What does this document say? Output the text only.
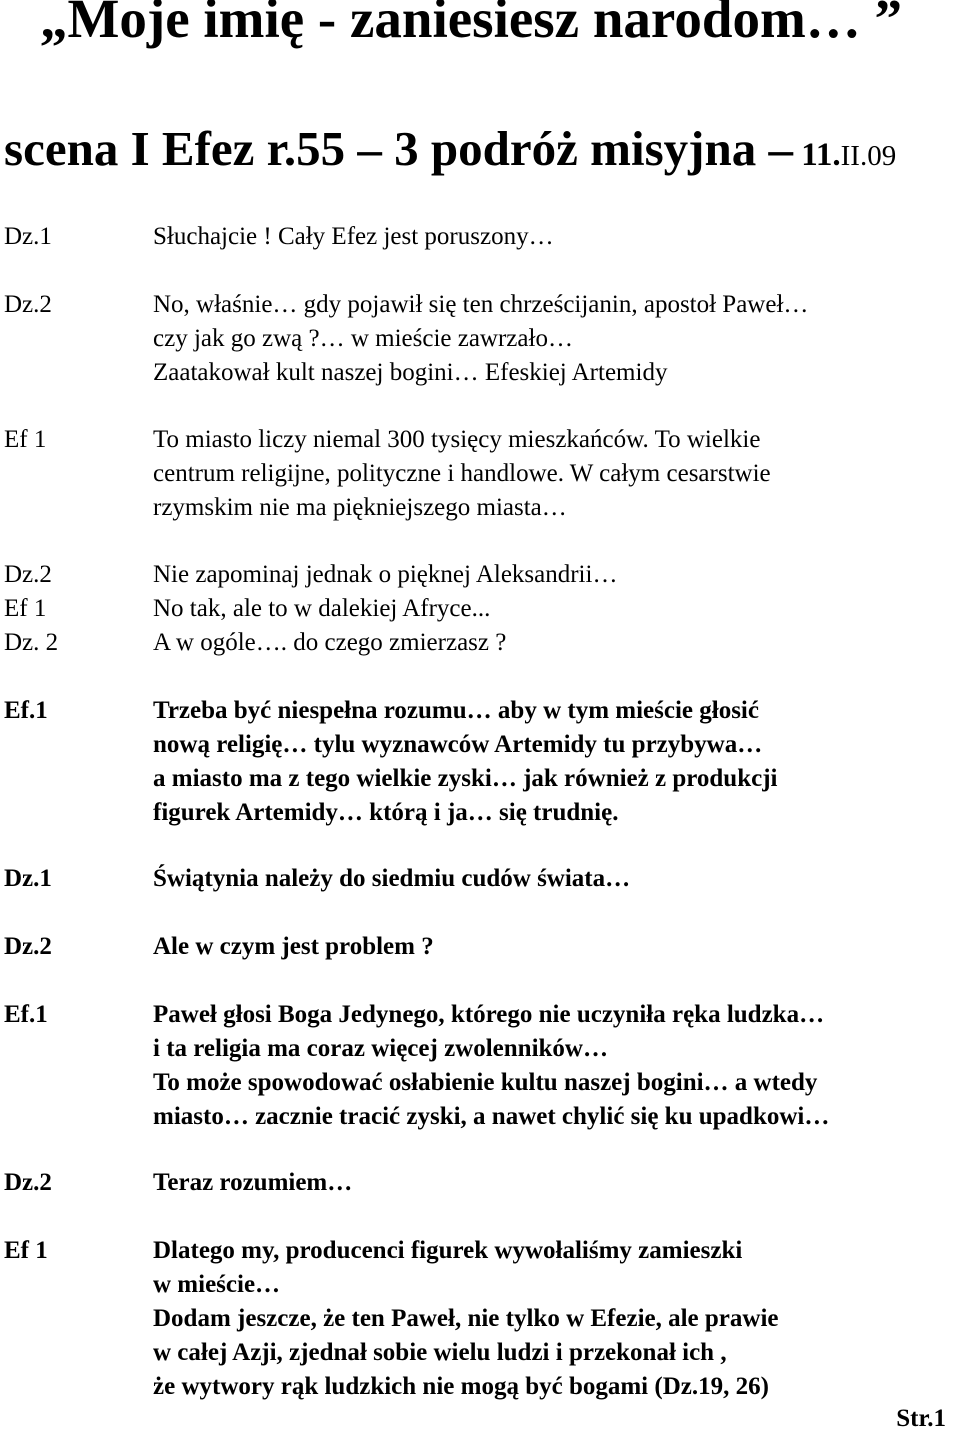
„Moje imię - zaniesiesz narodom… ”
scena I Efez r.55 – 3 podróż misyjna – 11.II.09
Dz.1	Słuchajcie ! Cały Efez jest poruszony…
Dz.2	No, właśnie… gdy pojawił się ten chrześcijanin, apostoł Paweł…
czy jak go zwą ?… w mieście zawrzało…
Zaatakował kult naszej bogini… Efeskiej Artemidy
Ef 1	To miasto liczy niemal 300 tysięcy mieszkańców. To wielkie
centrum religijne, polityczne i handlowe. W całym cesarstwie
rzymskim nie ma piękniejszego miasta…
Dz.2	Nie zapominaj jednak o pięknej Aleksandrii…
Ef 1	No tak, ale to w dalekiej Afryce...
Dz. 2	A w ogóle…. do czego zmierzasz ?
Ef.1	Trzeba być niespełna rozumu… aby w tym mieście głosić
nową religię… tylu wyznawców Artemidy tu przybywa…
a miasto ma z tego wielkie zyski… jak również z produkcji
figurek Artemidy… którą i ja… się trudnię.
Dz.1	Świątynia należy do siedmiu cudów świata…
Dz.2	Ale w czym jest problem ?
Ef.1	Paweł głosi Boga Jedynego, którego nie uczyniła ręka ludzka…
i ta religia ma coraz więcej zwolenników…
To może spowodować osłabienie kultu naszej bogini… a wtedy
miasto… zacznie tracić zyski, a nawet chylić się ku upadkowi…
Dz.2	Teraz rozumiem…
Ef 1	Dlatego my, producenci figurek wywołaliśmy zamieszki
w mieście…
Dodam jeszcze, że ten Paweł, nie tylko w Efezie, ale prawie
w całej Azji, zjednał sobie wielu ludzi i przekonał ich ,
że wytwory rąk ludzkich nie mogą być bogami (Dz.19, 26)
Str.1
